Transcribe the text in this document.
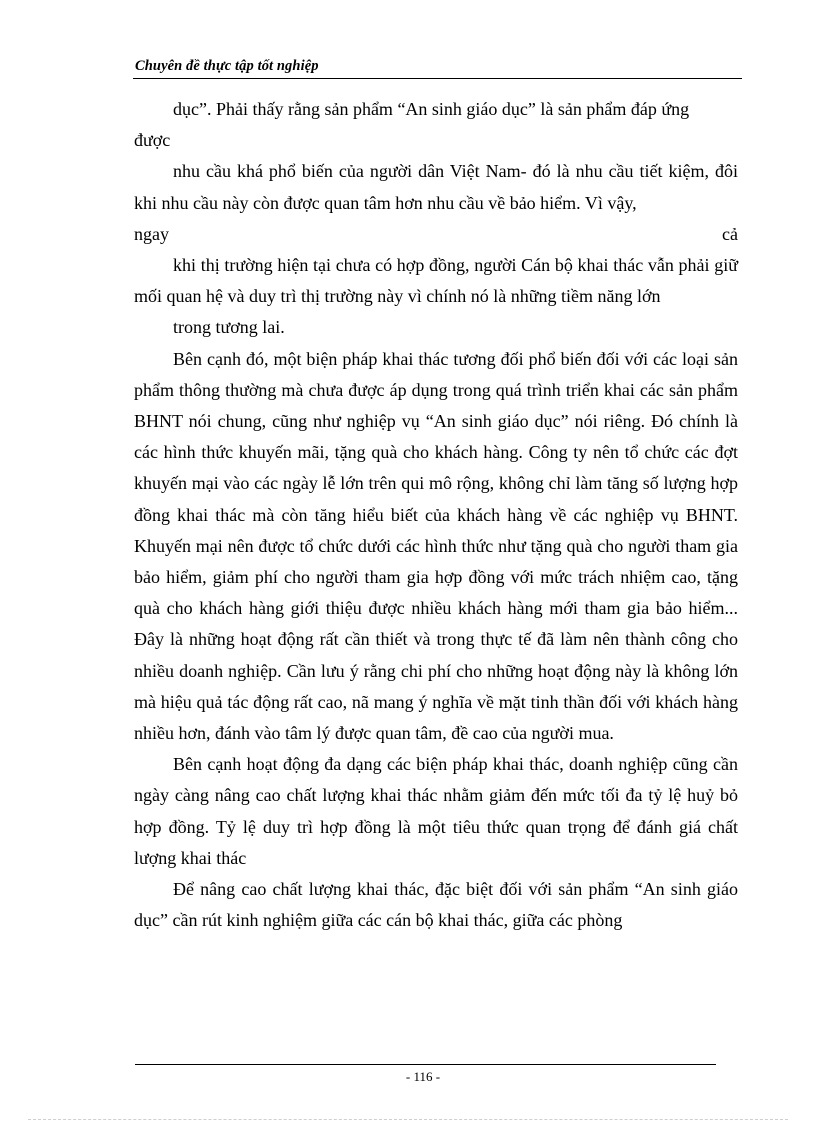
Chuyên đề thực tập tốt nghiệp

dục”. Phải thấy rằng sản phẩm “An sinh giáo dục” là sản phẩm đáp ứng

được

nhu cầu khá phổ biến của người dân Việt Nam- đó là nhu cầu tiết kiệm, đôi khi nhu cầu này còn được quan tâm hơn nhu cầu về bảo hiểm. Vì vậy,

ngay	cả

khi thị trường hiện tại chưa có hợp đồng, người Cán bộ khai thác vẫn phải giữ mối quan hệ và duy trì thị trường này vì chính nó là những tiềm năng lớn

trong tương lai.

Bên cạnh đó, một biện pháp khai thác tương đối phổ biến đối với các loại sản phẩm thông thường mà chưa được áp dụng trong quá trình triển khai các sản phẩm BHNT nói chung, cũng như nghiệp vụ “An sinh giáo dục” nói riêng. Đó chính là các hình thức khuyến mãi, tặng quà cho khách hàng. Công ty nên tổ chức các đợt khuyến mại vào các ngày lễ lớn trên qui mô rộng, không chỉ làm tăng số lượng hợp đồng khai thác mà còn tăng hiểu biết của khách hàng về các nghiệp vụ BHNT. Khuyến mại nên được tổ chức dưới các hình thức như tặng quà cho người tham gia bảo hiểm, giảm phí cho người tham gia hợp đồng với mức trách nhiệm cao, tặng quà cho khách hàng giới thiệu được nhiều khách hàng mới tham gia bảo hiểm... Đây là những hoạt động rất cần thiết và trong thực tế đã làm nên thành công cho nhiều doanh nghiệp. Cần lưu ý rằng chi phí cho những hoạt động này là không lớn mà hiệu quả tác động rất cao, nã mang ý nghĩa về mặt tinh thần đối với khách hàng nhiều hơn, đánh vào tâm lý được quan tâm, đề cao của người mua.

Bên cạnh hoạt động đa dạng các biện pháp khai thác, doanh nghiệp cũng cần ngày càng nâng cao chất lượng khai thác nhằm giảm đến mức tối đa tỷ lệ huỷ bỏ hợp đồng. Tỷ lệ duy trì hợp đồng là một tiêu thức quan trọng để đánh giá chất lượng khai thác

Để nâng cao chất lượng khai thác, đặc biệt đối với sản phẩm “An sinh giáo dục” cần rút kinh nghiệm giữa các cán bộ khai thác, giữa các phòng

- 116 -
